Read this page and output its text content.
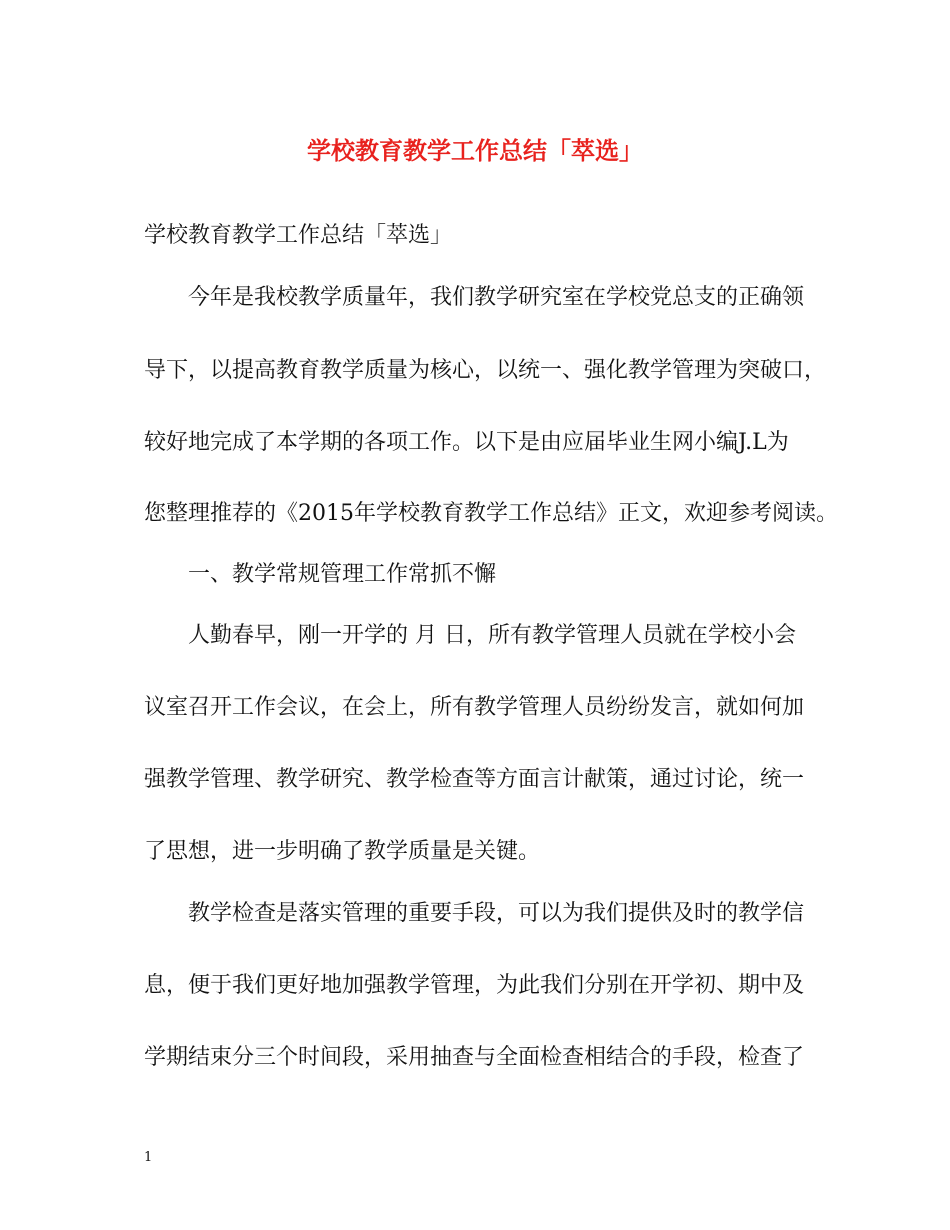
学校教育教学工作总结「萃选」
学校教育教学工作总结「萃选」
今年是我校教学质量年，我们教学研究室在学校党总支的正确领
导下，以提高教育教学质量为核心，以统一、强化教学管理为突破口，
较好地完成了本学期的各项工作。以下是由应届毕业生网小编J.L为
您整理推荐的《2015年学校教育教学工作总结》正文，欢迎参考阅读。
一、教学常规管理工作常抓不懈
人勤春早，刚一开学的 月 日，所有教学管理人员就在学校小会
议室召开工作会议，在会上，所有教学管理人员纷纷发言，就如何加
强教学管理、教学研究、教学检查等方面言计献策，通过讨论，统一
了思想，进一步明确了教学质量是关键。
教学检查是落实管理的重要手段，可以为我们提供及时的教学信
息，便于我们更好地加强教学管理，为此我们分别在开学初、期中及
学期结束分三个时间段，采用抽查与全面检查相结合的手段，检查了
1
